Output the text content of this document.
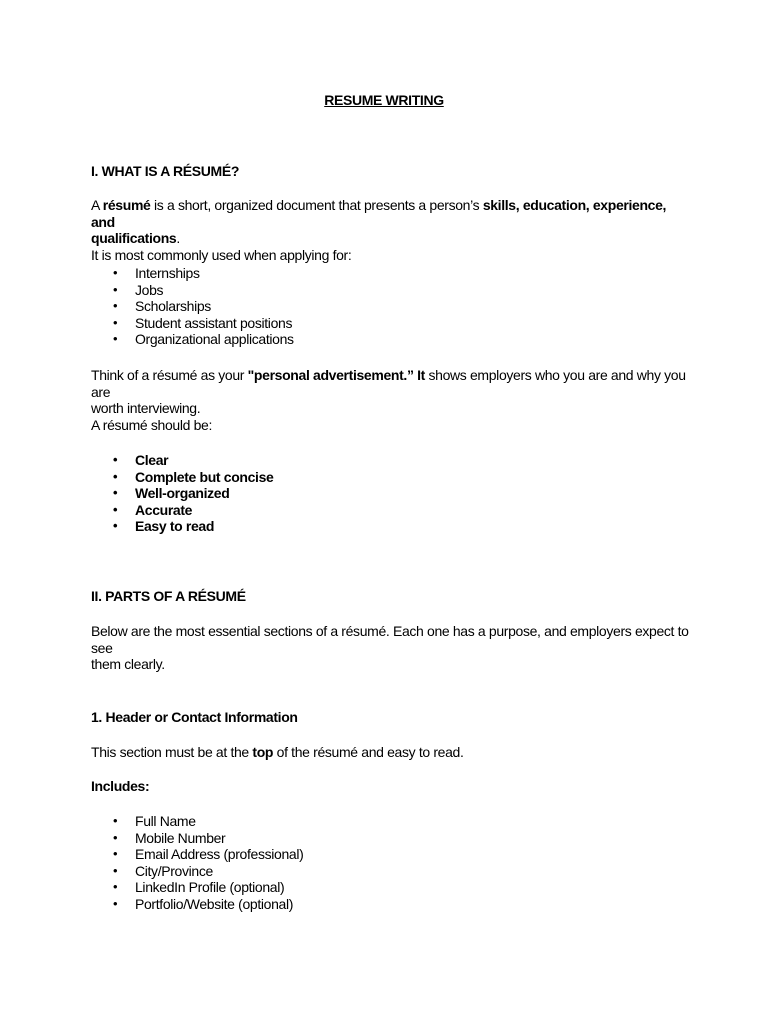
RESUME WRITING

I. WHAT IS A RÉSUMÉ?

A résumé is a short, organized document that presents a person’s skills, education, experience, and
qualifications.
It is most commonly used when applying for:

• Internships
• Jobs
• Scholarships
• Student assistant positions
• Organizational applications

Think of a résumé as your "personal advertisement.” It shows employers who you are and why you are
worth interviewing.

A résumé should be:

• Clear
• Complete but concise
• Well-organized
• Accurate
• Easy to read

II. PARTS OF A RÉSUMÉ

Below are the most essential sections of a résumé. Each one has a purpose, and employers expect to see
them clearly.

1. Header or Contact Information

This section must be at the top of the résumé and easy to read.

Includes:

• Full Name
• Mobile Number
• Email Address (professional)
• City/Province
• LinkedIn Profile (optional)
• Portfolio/Website (optional)
